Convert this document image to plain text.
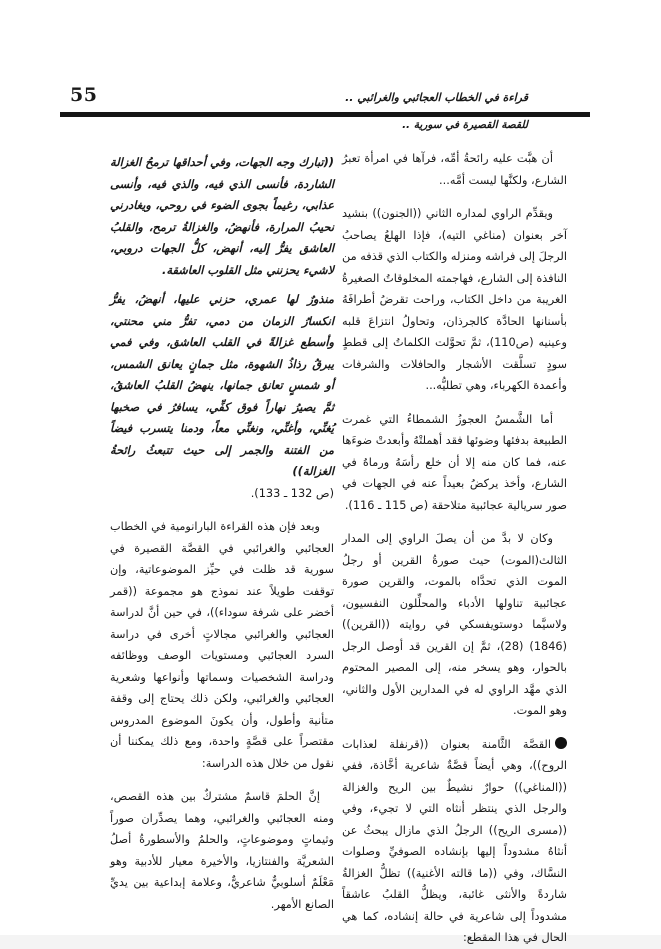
55	قراءة في الخطاب العجائبي والغرائبي ..
للقصة القصيرة في سورية ..

أن هبَّت عليه رائحةُ أمِّه، فرآها في امرأة تعبرُ الشارع، ولكنَّها ليست أمَّه...

ويقدِّم الراوي لمداره الثاني ((الجنون)) بنشيد آخر بعنوان (مناغي التيه)، فإذا الهلعُ يصاحبُ الرجلَ إلى فراشه ومنزله والكتاب الذي قذفه من النافذة إلى الشارع، فهاجمته المخلوقاتُ الصغيرةُ الغريبة من داخل الكتاب، وراحت تقرضُ أطرافَهُ بأسنانها الحادَّة كالجرذان، وتحاولُ انتزاعَ قلبه وعينيه (ص110)، ثمَّ تحوَّلت الكلماتُ إلى قططٍ سودٍ تسلَّقت الأشجار والحافلات والشرفات وأعمدة الكهرباء، وهي تطليُّه...

أما الشَّمسُ العجوزُ الشمطاءُ التي غمرت الطبيعة بدفئها وضوئها فقد أهملتْهُ وأبعدتْ ضوءَها عنه، فما كان منه إلا أن خلع رأسَهُ ورماهُ في الشارع، وأخذ يركضُ بعيداً عنه في الجهات في صور سريالية عجائبية متلاحقة (ص 115 ـ 116).

وكان لا بدَّ من أن يصلَ الراوي إلى المدار الثالث(الموت) حيث صورةُ القرين أو رجلُ الموت الذي تحدَّاه بالموت، والقرين صورة عجائبية تناولها الأدباء والمحلِّلون النفسيون، ولاسيَّما دوستويفسكي في روايته ((القرين)) (1846) (28)، ثمَّ إن القرين قد أوصل الرجل بالحوار، وهو يسخر منه، إلى المصير المحتوم الذي مهَّد الراوي له في المدارين الأول والثاني، وهو الموت.

القصَّة الثَّامنة بعنوان ((قرنفلة لعذابات الروح))، وهي أيضاً قصَّةٌ شاعرية أخَّاذة، ففي ((المناغي)) حوارٌ نشيطٌ بين الريح والغزالة والرجل الذي ينتظر أنثاه التي لا تجيء، وفي ((مسرى الريح)) الرجلُ الذي مازال يبحثُ عن أنثاهُ مشدوداً إليها بإنشاده الصوفيِّ وصلوات النسَّاك، وفي ((ما قالته الأغنية)) تظلُّ الغزالةُ شاردةً والأنثى غائبة، ويظلُّ القلبُ عاشقاً مشدوداً إلى شاعرية في حالة إنشاده، كما هي الحال في هذا المقطع:

((تبارك وجه الجهات، وفي أحداقها ترمحُ الغزالة الشاردة، فأنسى الذي فيه، والذي فيه، وأنسى عذابي، رغيماً بجوى الضوء في روحي، ويغادرني نحيبُ المرارة، فأنهضُ، والغزالةُ ترمح، والقلبُ العاشق يفرُّ إليه، أنهض، كلُّ الجهات دروبي، لاشيء يحزنني مثل القلوب العاشقة.

منذورٌ لها عمري، حزني عليها، أنهضُ، يفرُّ انكسارُ الزمان من دمي، تفرُّ مني محنتي، وأسطع غزالةً في القلب العاشق، وفي فمي يبرقُ رذاذُ الشهوة، مثل جمانٍ يعانق الشمس، أو شمسٍ تعانق جمانها، ينهضُ القلبُ العاشقُ، ثمَّ يصيرُ نهاراً فوق كفِّي، يسافرُ في صخبها يُغنِّي، وأغنِّي، ونغنِّي معاً، ودمنا يتسرب فيضاً من الفتنة والجمر إلى حيث تتبعثُ رائحةُ الغزالة))

(ص 132 ـ 133).

وبعد فإن هذه القراءة البارانومية في الخطاب العجائبي والغرائبي في القصَّة القصيرة في سورية قد ظلت في حيِّز الموضوعاتية، وإن توقفت طويلاً عند نموذج هو مجموعة ((قمر أخضر على شرفة سوداء))، في حين أنَّ لدراسة العجائبي والغرائبي مجالاتٍ أخرى في دراسة السرد العجائبي ومستويات الوصف ووظائفه ودراسة الشخصيات وسماتها وأنواعها وشعرية العجائبي والغرائبي، ولكن ذلك يحتاج إلى وقفة متأنية وأطول، وأن يكونَ الموضوع المدروس مقتصراً على قصَّةٍ واحدة، ومع ذلك يمكننا أن نقول من خلال هذه الدراسة:

إنَّ الحلمَ قاسمٌ مشتركٌ بين هذه القصص، ومنه العجائبي والغرائبي، وهما يصدِّران صوراً وثيماتٍ وموضوعاتٍ، والحلمُ والأسطورةُ أصلُ الشعريَّة والفنتازيا، والأخيرة معيار للأدبية وهو مَعْلَمٌ أسلوبيٌّ شاعريٌّ، وعلامة إبداعية بين يديِّ الصانع الأمهر.
